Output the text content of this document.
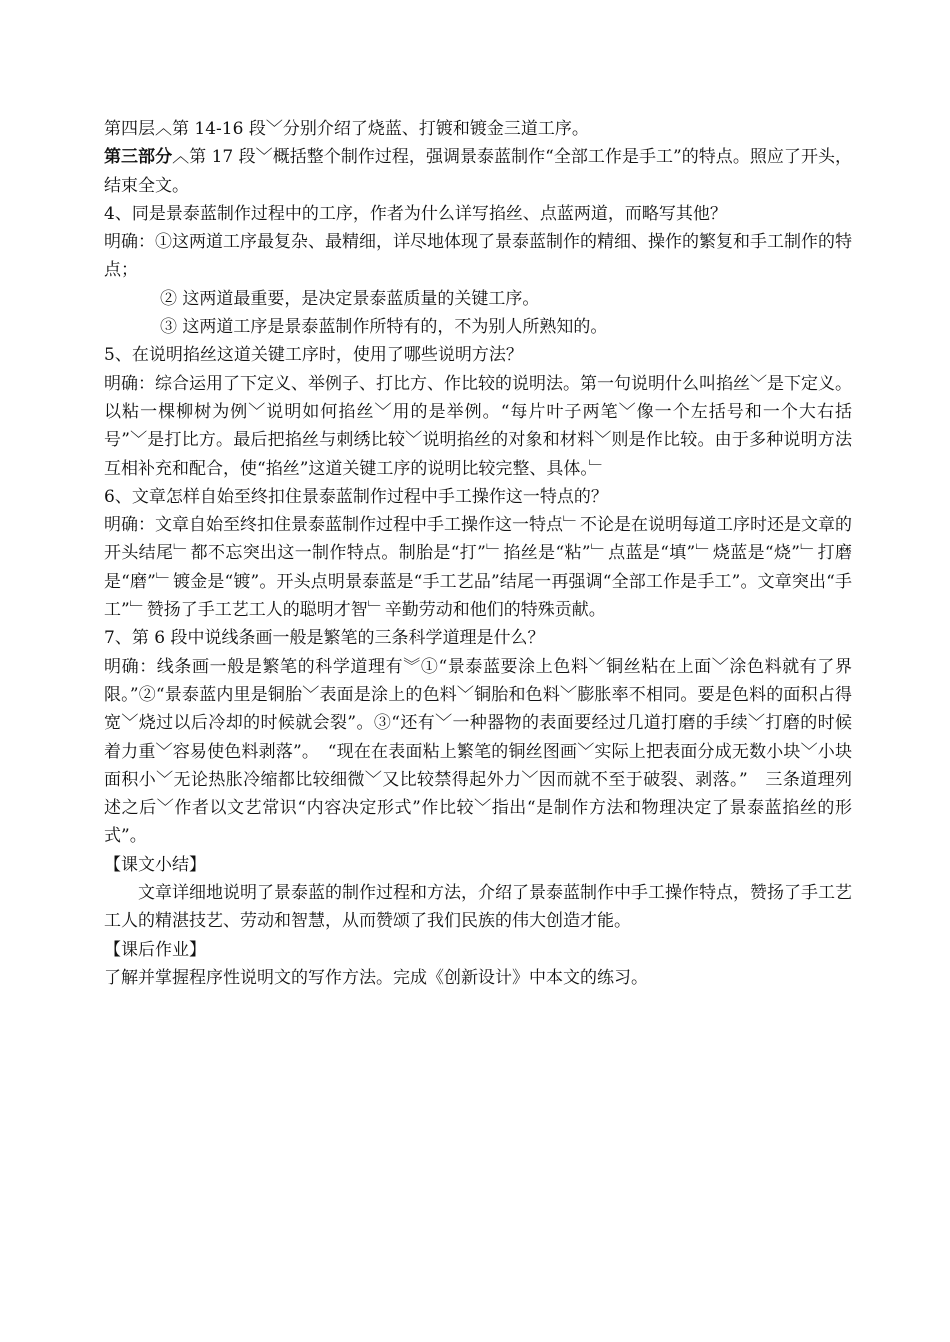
第四层︿第 14-16 段﹀分别介绍了烧蓝、打镀和镀金三道工序。

第三部分︿第 17 段﹀概括整个制作过程，强调景泰蓝制作“全部工作是手工”的特点。照应了开头，结束全文。

4、同是景泰蓝制作过程中的工序，作者为什么详写掐丝、点蓝两道，而略写其他？

明确：①这两道工序最复杂、最精细，详尽地体现了景泰蓝制作的精细、操作的繁复和手工制作的特点；

② 这两道最重要，是决定景泰蓝质量的关键工序。

③ 这两道工序是景泰蓝制作所特有的，不为别人所熟知的。

5、在说明掐丝这道关键工序时，使用了哪些说明方法？

明确：综合运用了下定义、举例子、打比方、作比较的说明法。第一句说明什么叫掐丝﹀是下定义。以粘一棵柳树为例﹀说明如何掐丝﹀用的是举例。“每片叶子两笔﹀像一个左括号和一个大右括号”﹀是打比方。最后把掐丝与刺绣比较﹀说明掐丝的对象和材料﹀则是作比较。由于多种说明方法互相补充和配合，使“掐丝”这道关键工序的说明比较完整、具体。﹂

6、文章怎样自始至终扣住景泰蓝制作过程中手工操作这一特点的？

明确：文章自始至终扣住景泰蓝制作过程中手工操作这一特点﹂不论是在说明每道工序时还是文章的开头结尾﹂都不忘突出这一制作特点。制胎是“打”﹂掐丝是“粘”﹂点蓝是“填”﹂烧蓝是“烧”﹂打磨是“磨”﹂镀金是“镀”。开头点明景泰蓝是“手工艺品”结尾一再强调“全部工作是手工”。文章突出“手工”﹂赞扬了手工艺工人的聪明才智﹂辛勤劳动和他们的特殊贡献。

7、第 6 段中说线条画一般是繁笔的三条科学道理是什么？

明确：线条画一般是繁笔的科学道理有︾①“景泰蓝要涂上色料﹀铜丝粘在上面﹀涂色料就有了界限。”②“景泰蓝内里是铜胎﹀表面是涂上的色料﹀铜胎和色料﹀膨胀率不相同。要是色料的面积占得宽﹀烧过以后冷却的时候就会裂”。③“还有﹀一种器物的表面要经过几道打磨的手续﹀打磨的时候着力重﹀容易使色料剥落”。　“现在在表面粘上繁笔的铜丝图画﹀实际上把表面分成无数小块﹀小块面积小﹀无论热胀冷缩都比较细微﹀又比较禁得起外力﹀因而就不至于破裂、剥落。”　三条道理列述之后﹀作者以文艺常识“内容决定形式”作比较﹀指出“是制作方法和物理决定了景泰蓝掐丝的形式”。

【课文小结】

文章详细地说明了景泰蓝的制作过程和方法，介绍了景泰蓝制作中手工操作特点，赞扬了手工艺工人的精湛技艺、劳动和智慧，从而赞颂了我们民族的伟大创造才能。

【课后作业】

了解并掌握程序性说明文的写作方法。完成《创新设计》中本文的练习。
